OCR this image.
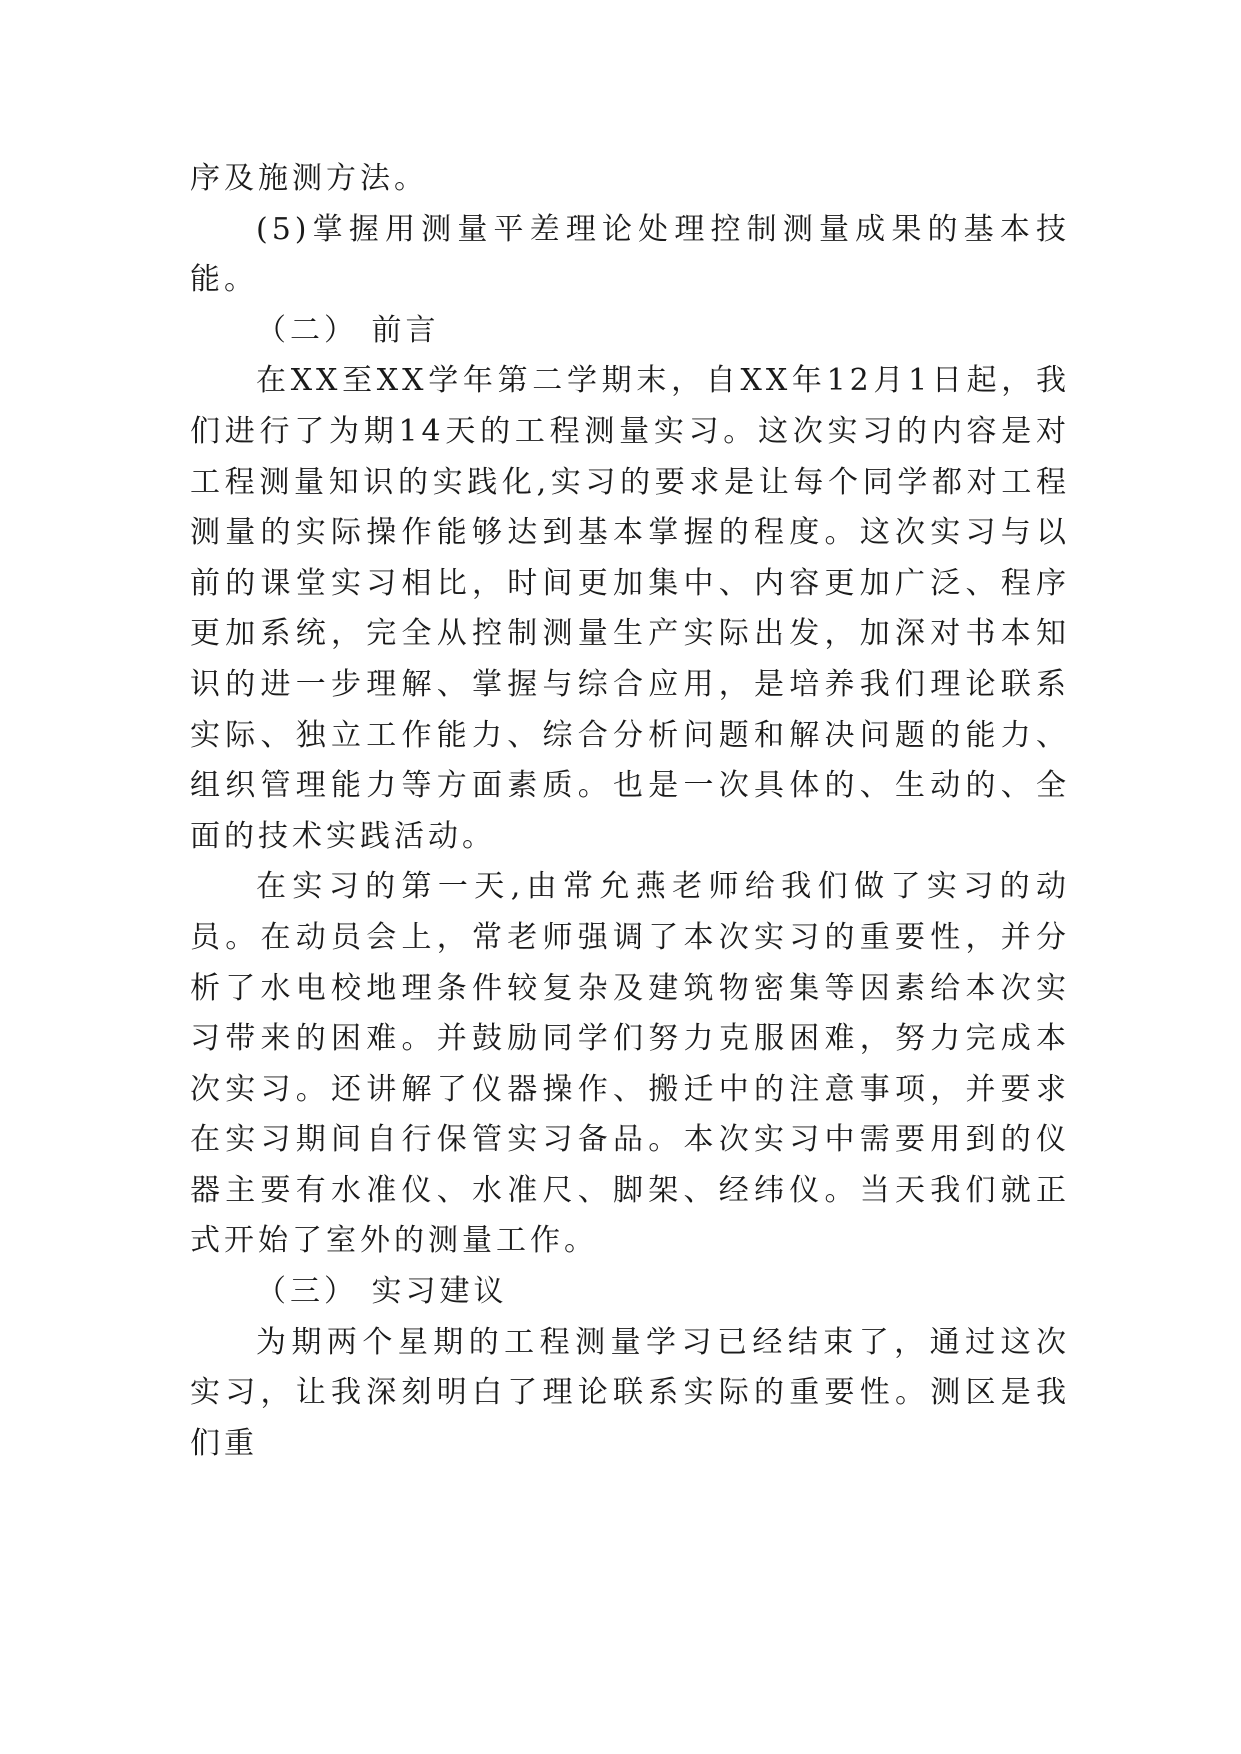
序及施测方法。

(5)掌握用测量平差理论处理控制测量成果的基本技能。

（二） 前言

在XX至XX学年第二学期末，自XX年12月1日起，我们进行了为期14天的工程测量实习。这次实习的内容是对工程测量知识的实践化,实习的要求是让每个同学都对工程测量的实际操作能够达到基本掌握的程度。这次实习与以前的课堂实习相比，时间更加集中、内容更加广泛、程序更加系统，完全从控制测量生产实际出发，加深对书本知识的进一步理解、掌握与综合应用，是培养我们理论联系实际、独立工作能力、综合分析问题和解决问题的能力、组织管理能力等方面素质。也是一次具体的、生动的、全面的技术实践活动。

在实习的第一天,由常允燕老师给我们做了实习的动员。在动员会上，常老师强调了本次实习的重要性，并分析了水电校地理条件较复杂及建筑物密集等因素给本次实习带来的困难。并鼓励同学们努力克服困难，努力完成本次实习。还讲解了仪器操作、搬迁中的注意事项，并要求在实习期间自行保管实习备品。本次实习中需要用到的仪器主要有水准仪、水准尺、脚架、经纬仪。当天我们就正式开始了室外的测量工作。

（三） 实习建议

为期两个星期的工程测量学习已经结束了，通过这次实习，让我深刻明白了理论联系实际的重要性。测区是我们重
